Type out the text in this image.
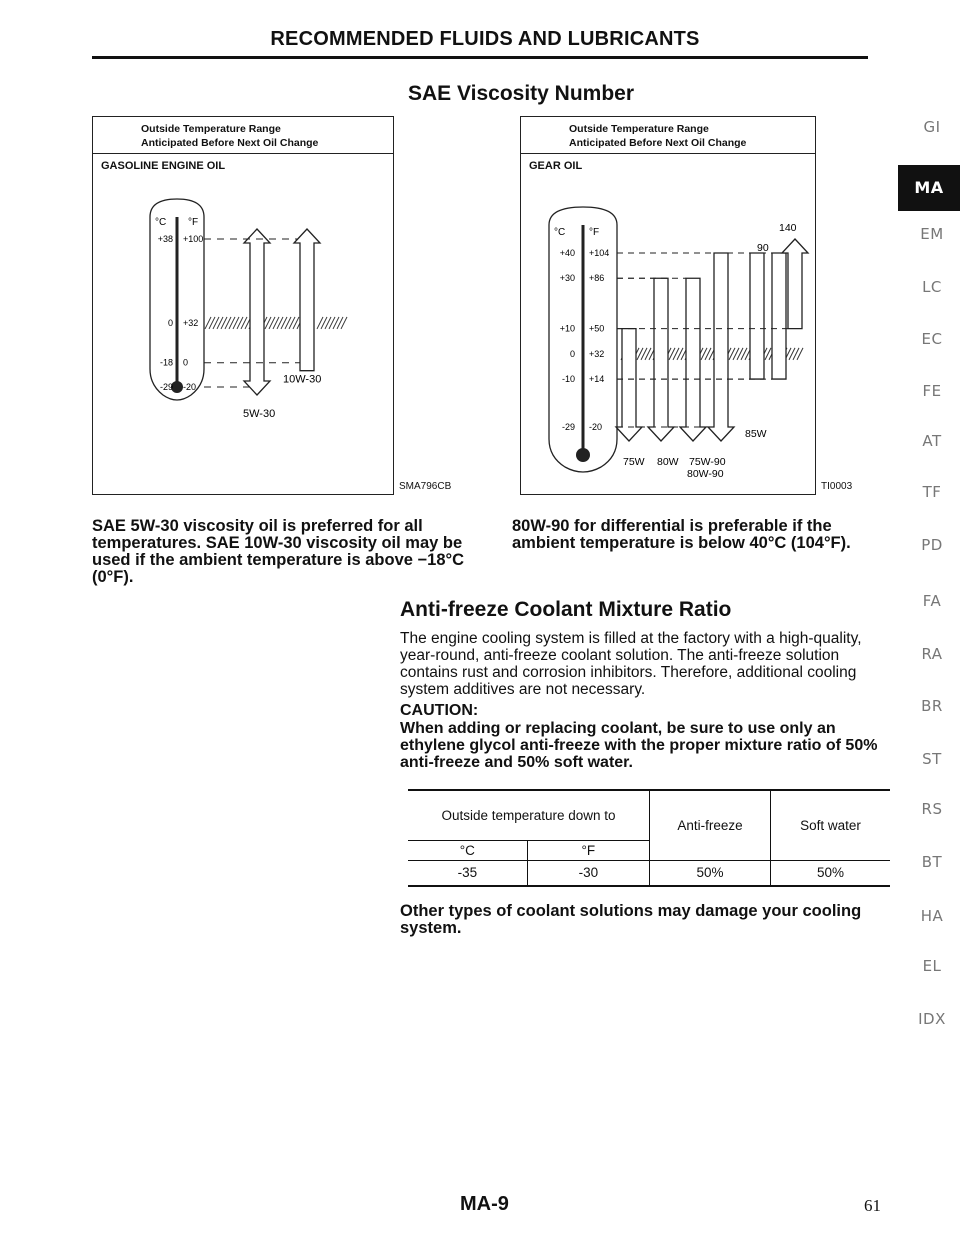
RECOMMENDED FLUIDS AND LUBRICANTS
SAE Viscosity Number
Outside Temperature Range
Anticipated Before Next Oil Change
GASOLINE ENGINE OIL
°C °F
+38 +100
0 +32
-18 0
-29 -20
5W-30
10W-30
SMA796CB
Outside Temperature Range
Anticipated Before Next Oil Change
GEAR OIL
°C °F
+40 +104
+30 +86
+10 +50
0 +32
-10 +14
-29 -20
75W 80W 75W-90
80W-90
85W
90
140
TI0003
SAE 5W-30 viscosity oil is preferred for all temperatures. SAE 10W-30 viscosity oil may be used if the ambient temperature is above −18°C (0°F).
80W-90 for differential is preferable if the ambient temperature is below 40°C (104°F).
Anti-freeze Coolant Mixture Ratio
The engine cooling system is filled at the factory with a high-quality, year-round, anti-freeze coolant solution. The anti-freeze solution contains rust and corrosion inhibitors. Therefore, additional cooling system additives are not necessary.
CAUTION:
When adding or replacing coolant, be sure to use only an ethylene glycol anti-freeze with the proper mixture ratio of 50% anti-freeze and 50% soft water.
Outside temperature down to		Anti-freeze	Soft water
°C	°F		
-35	-30	50%	50%
Other types of coolant solutions may damage your cooling system.
GI
MA
EM
LC
EC
FE
AT
TF
PD
FA
RA
BR
ST
RS
BT
HA
EL
IDX
MA-9	61
